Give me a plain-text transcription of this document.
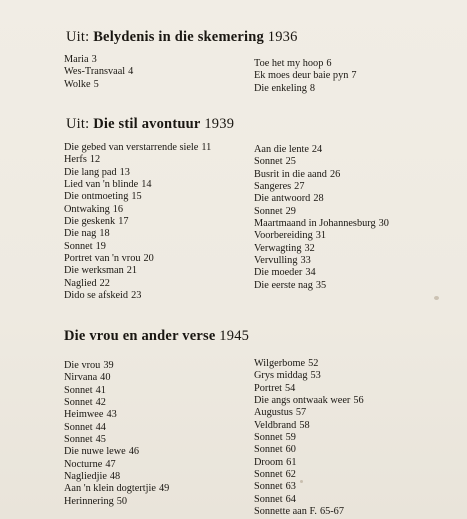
Uit: Belydenis in die skemering 1936
Maria 3
Wes-Transvaal 4
Wolke 5
Toe het my hoop 6
Ek moes deur baie pyn 7
Die enkeling 8
Uit: Die stil avontuur 1939
Die gebed van verstarrende siele 11
Herfs 12
Die lang pad 13
Lied van 'n blinde 14
Die ontmoeting 15
Ontwaking 16
Die geskenk 17
Die nag 18
Sonnet 19
Portret van 'n vrou 20
Die werksman 21
Naglied 22
Dido se afskeid 23
Aan die lente 24
Sonnet 25
Busrit in die aand 26
Sangeres 27
Die antwoord 28
Sonnet 29
Maartmaand in Johannesburg 30
Voorbereiding 31
Verwagting 32
Vervulling 33
Die moeder 34
Die eerste nag 35
Die vrou en ander verse 1945
Die vrou 39
Nirvana 40
Sonnet 41
Sonnet 42
Heimwee 43
Sonnet 44
Sonnet 45
Die nuwe lewe 46
Nocturne 47
Nagliedjie 48
Aan 'n klein dogtertjie 49
Herinnering 50
Wilgerbome 52
Grys middag 53
Portret 54
Die angs ontwaak weer 56
Augustus 57
Veldbrand 58
Sonnet 59
Sonnet 60
Droom 61
Sonnet 62
Sonnet 63
Sonnet 64
Sonnette aan F. 65-67
